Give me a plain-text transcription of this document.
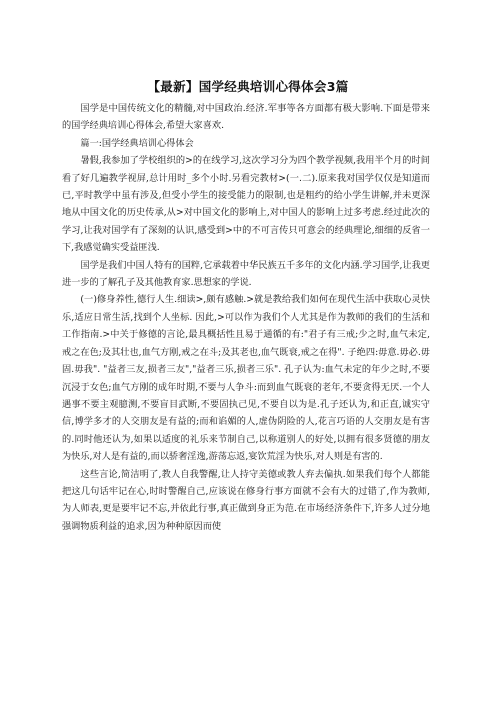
【最新】国学经典培训心得体会3篇

国学是中国传统文化的精髓,对中国政治.经济.军事等各方面都有极大影响.下面是带来的国学经典培训心得体会,希望大家喜欢.

篇一:国学经典培训心得体会

暑假,我参加了学校组织的>的在线学习,这次学习分为四个教学视频,我用半个月的时间看了好几遍教学视屏,总计用时_多个小时.另看完教材>(一.二).原来我对国学仅仅是知道而已,平时教学中虽有涉及,但受小学生的接受能力的限制,也是粗约的给小学生讲解,并未更深地从中国文化的历史传承,从>对中国文化的影响上,对中国人的影响上过多考虑.经过此次的学习,让我对国学有了深刻的认识,感受到>中的不可言传只可意会的经典理论,细细的反省一下,我感觉确实受益匪浅.

国学是我们中国人特有的国粹,它承载着中华民族五千多年的文化内涵.学习国学,让我更进一步的了解孔子及其他教育家.思想家的学说.

(一)修身养性,德行人生.细读>,颇有感触.>就是教给我们如何在现代生活中获取心灵快乐,适应日常生活,找到个人坐标. 因此,>可以作为我们个人尤其是作为教师的我们的生活和工作指南.>中关于修德的言论,最具概括性且易于通循的有:"君子有三戒;少之时,血气未定,戒之在色;及其壮也,血气方刚,戒之在斗;及其老也,血气既衰,戒之在得". 子绝四:毋意.毋必.毋固.毋我". "益者三友,损者三友","益者三乐,损者三乐". 孔子认为:血气未定的年少之时,不要沉浸于女色;血气方刚的成年时期,不要与人争斗:而到血气既衰的老年,不要贪得无厌.一个人遇事不要主观臆测,不要盲目武断,不要固执己见,不要自以为是.孔子还认为,和正直,诚实守信,博学多才的人交朋友是有益的;而和谄媚的人,虚伪阴险的人,花言巧语的人交朋友是有害的.同时他还认为,如果以适度的礼乐来节制自己,以称道别人的好处,以拥有很多贤德的朋友为快乐,对人是有益的,而以骄奢淫逸,游荡忘返,宴饮荒淫为快乐,对人则是有害的.

这些言论,简洁明了,教人自我警醒,让人持守美德或教人弃去偏执.如果我们每个人都能把这几句话牢记在心,时时警醒自己,应该说在修身行事方面就不会有大的过错了,作为教师,为人师表,更是要牢记不忘,并依此行事,真正做到身正为范.在市场经济条件下,许多人过分地强调物质利益的追求,因为种种原因而使
